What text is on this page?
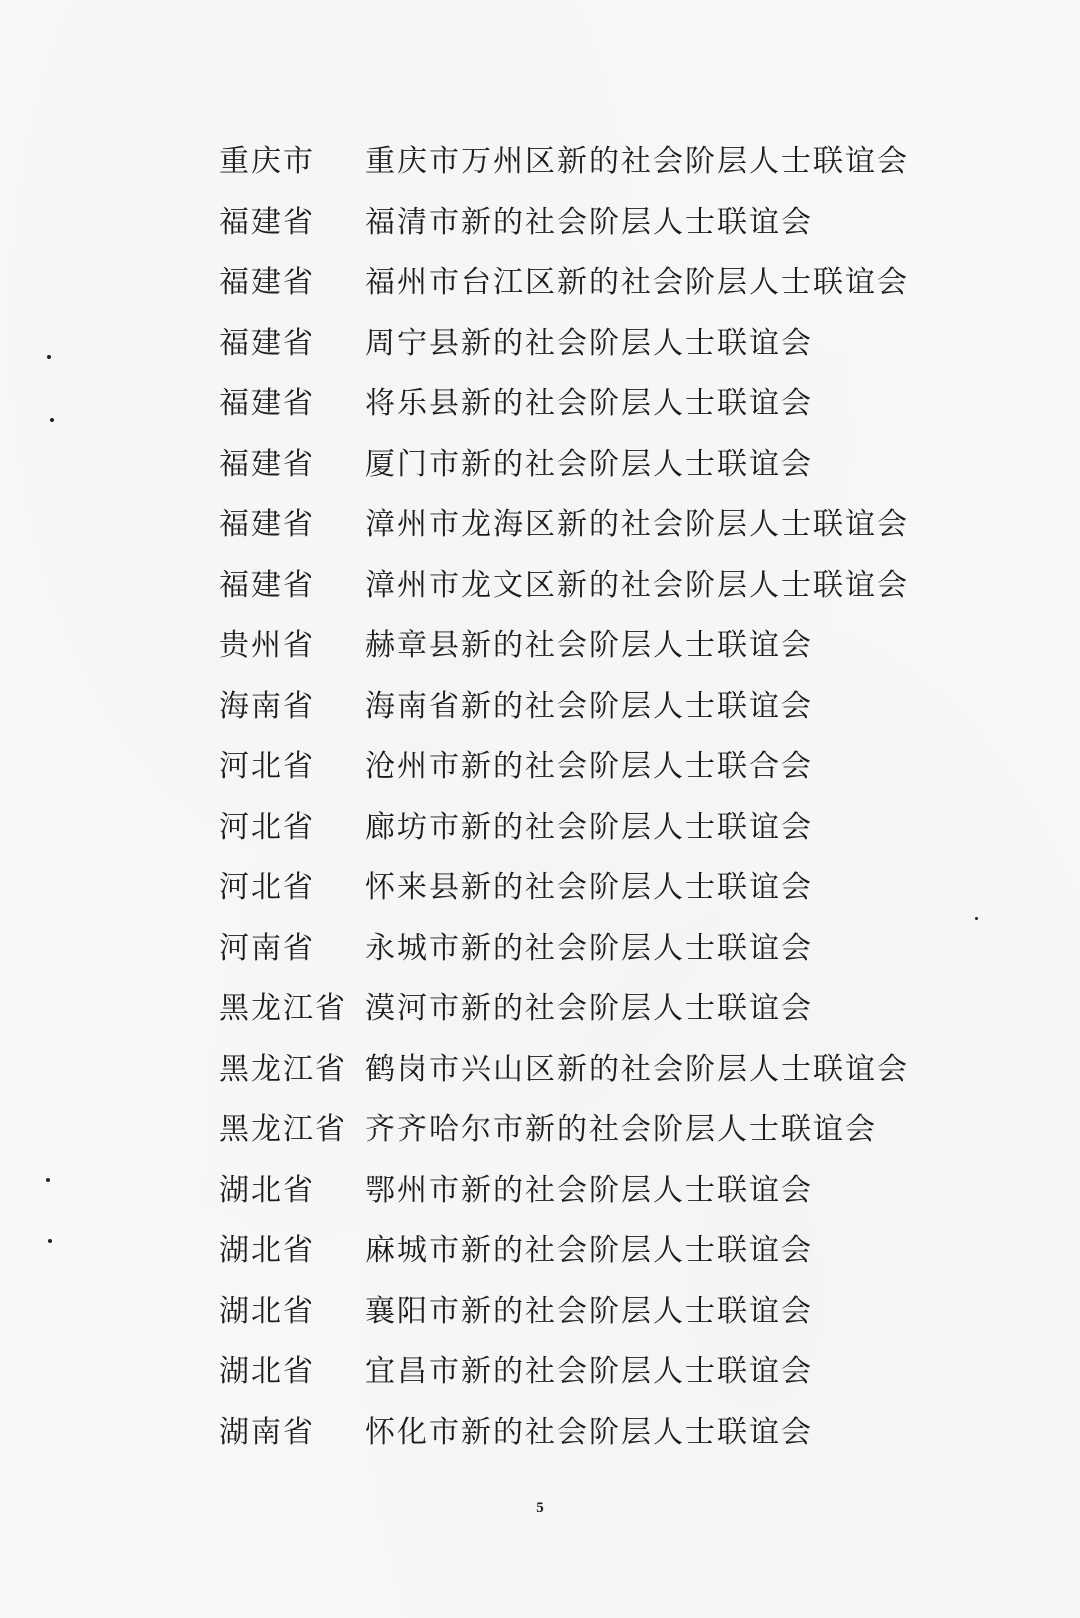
重庆市	重庆市万州区新的社会阶层人士联谊会
福建省	福清市新的社会阶层人士联谊会
福建省	福州市台江区新的社会阶层人士联谊会
福建省	周宁县新的社会阶层人士联谊会
福建省	将乐县新的社会阶层人士联谊会
福建省	厦门市新的社会阶层人士联谊会
福建省	漳州市龙海区新的社会阶层人士联谊会
福建省	漳州市龙文区新的社会阶层人士联谊会
贵州省	赫章县新的社会阶层人士联谊会
海南省	海南省新的社会阶层人士联谊会
河北省	沧州市新的社会阶层人士联合会
河北省	廊坊市新的社会阶层人士联谊会
河北省	怀来县新的社会阶层人士联谊会
河南省	永城市新的社会阶层人士联谊会
黑龙江省 漠河市新的社会阶层人士联谊会
黑龙江省 鹤岗市兴山区新的社会阶层人士联谊会
黑龙江省 齐齐哈尔市新的社会阶层人士联谊会
湖北省	鄂州市新的社会阶层人士联谊会
湖北省	麻城市新的社会阶层人士联谊会
湖北省	襄阳市新的社会阶层人士联谊会
湖北省	宜昌市新的社会阶层人士联谊会
湖南省	怀化市新的社会阶层人士联谊会
5
